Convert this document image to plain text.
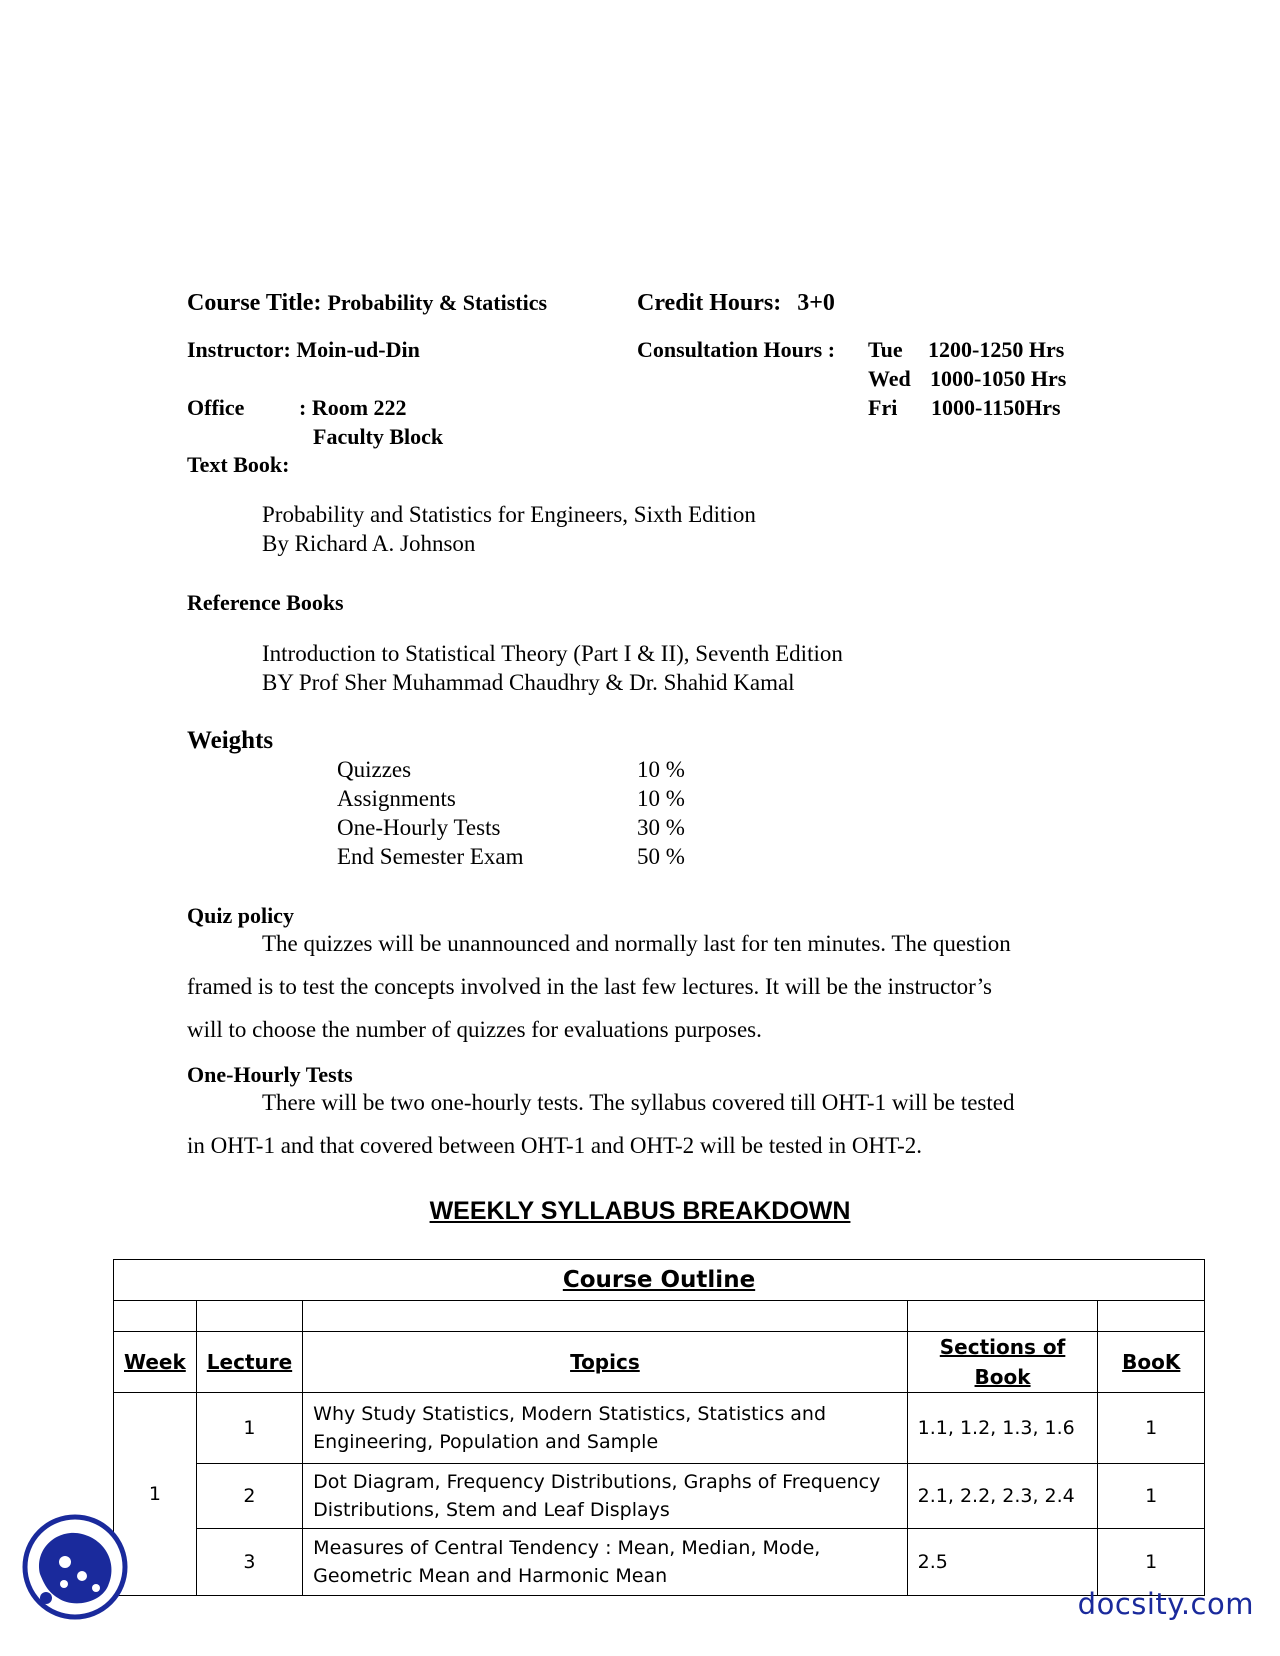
Course Title: Probability & Statistics	Credit Hours: 3+0
Instructor: Moin-ud-Din	Consultation Hours : Tue 1200-1250 Hrs
Wed 1000-1050 Hrs
Fri 1000-1150Hrs
Office : Room 222
Faculty Block
Text Book:
Probability and Statistics for Engineers, Sixth Edition
By Richard A. Johnson
Reference Books
Introduction to Statistical Theory (Part I & II), Seventh Edition
BY Prof Sher Muhammad Chaudhry & Dr. Shahid Kamal
Weights
Quizzes	10 %
Assignments	10 %
One-Hourly Tests	30 %
End Semester Exam	50 %
Quiz policy
The quizzes will be unannounced and normally last for ten minutes. The question
framed is to test the concepts involved in the last few lectures. It will be the instructor’s
will to choose the number of quizzes for evaluations purposes.
One-Hourly Tests
There will be two one-hourly tests. The syllabus covered till OHT-1 will be tested
in OHT-1 and that covered between OHT-1 and OHT-2 will be tested in OHT-2.
WEEKLY SYLLABUS BREAKDOWN
Course Outline				

Week	Lecture	Topics	Sections of Book	BooK
1	1	Why Study Statistics, Modern Statistics, Statistics and Engineering, Population and Sample	1.1, 1.2, 1.3, 1.6	1
	2	Dot Diagram, Frequency Distributions, Graphs of Frequency Distributions, Stem and Leaf Displays	2.1, 2.2, 2.3, 2.4	1
	3	Measures of Central Tendency : Mean, Median, Mode, Geometric Mean and Harmonic Mean	2.5	1
docsity.com
